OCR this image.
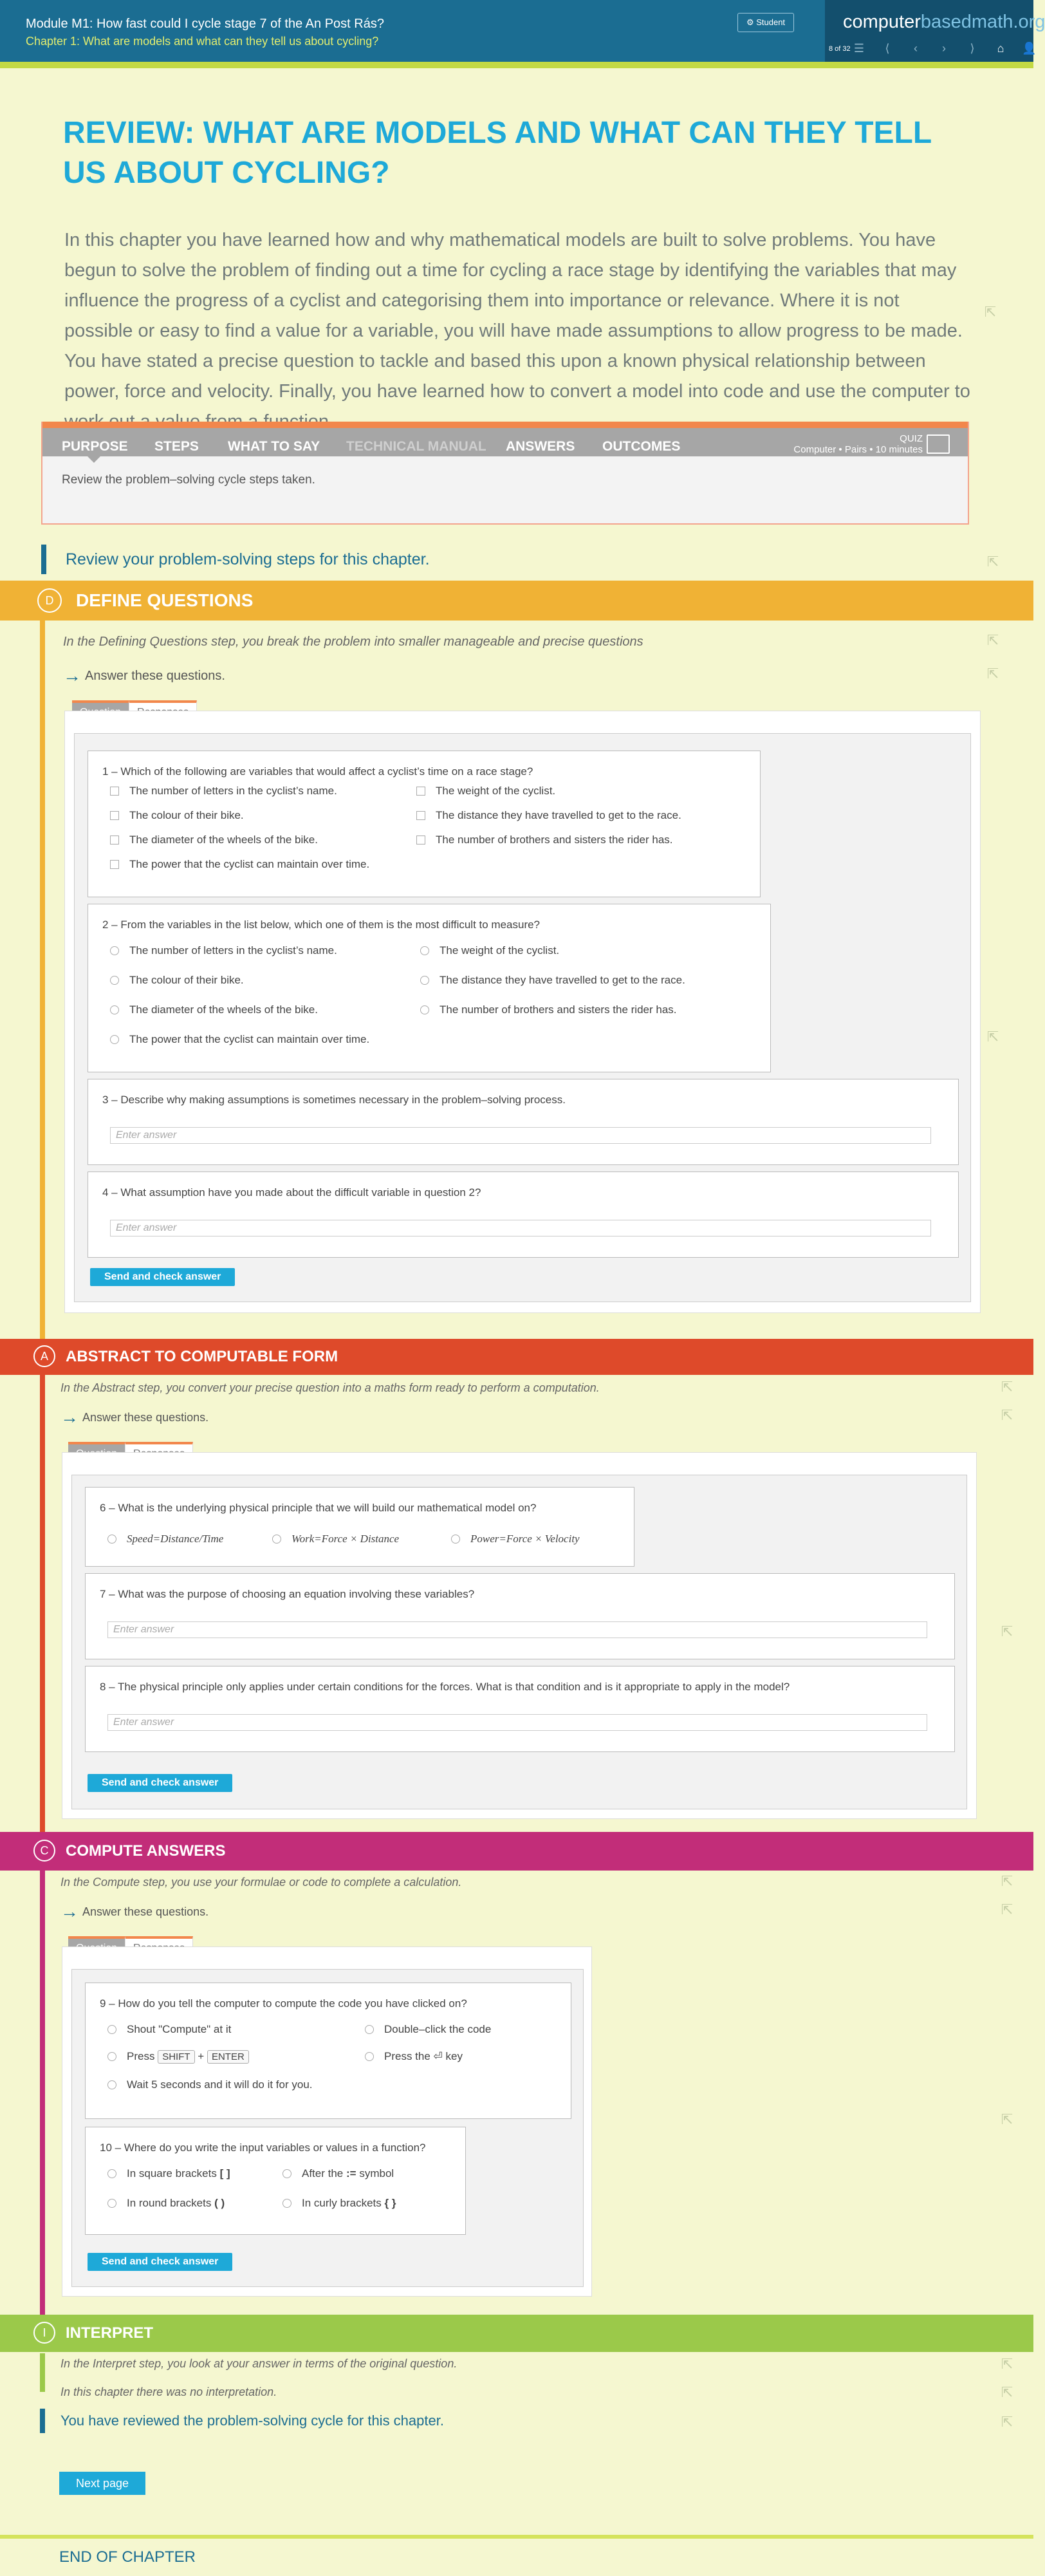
Module M1: How fast could I cycle stage 7 of the An Post Rás?
Chapter 1: What are models and what can they tell us about cycling?
⚙ Student	computerbasedmath.org
8 of 32 ☰	⟨	‹	›	⟩	⌂	👤
REVIEW: WHAT ARE MODELS AND WHAT CAN THEY TELL US ABOUT CYCLING?
In this chapter you have learned how and why mathematical models are built to solve problems. You have begun to solve the problem of finding out a time for cycling a race stage by identifying the variables that may influence the progress of a cyclist and categorising them into importance or relevance. Where it is not possible or easy to find a value for a variable, you will have made assumptions to allow progress to be made. You have stated a precise question to tackle and based this upon a known physical relationship between power, force and velocity. Finally, you have learned how to convert a model into code and use the computer to
⇱
PURPOSE STEPS WHAT TO SAY TECHNICAL MANUAL ANSWERS OUTCOMES
QUIZ
Computer • Pairs • 10 minutes
Review the problem–solving cycle steps taken.
Review your problem-solving steps for this chapter.	⇱
D	DEFINE QUESTIONS
In the Defining Questions step, you break the problem into smaller manageable and precise questions	⇱
→ Answer these questions.	⇱
⇱
1 – Which of the following are variables that would affect a cyclist’s time on a race stage?
The number of letters in the cyclist’s name.	The weight of the cyclist.
The colour of their bike.	The distance they have travelled to get to the race.
The diameter of the wheels of the bike.	The number of brothers and sisters the rider has.
The power that the cyclist can maintain over time.
2 – From the variables in the list below, which one of them is the most difficult to measure?
The number of letters in the cyclist’s name.	The weight of the cyclist.
The colour of their bike.	The distance they have travelled to get to the race.
The diameter of the wheels of the bike.	The number of brothers and sisters the rider has.
The power that the cyclist can maintain over time.
3 – Describe why making assumptions is sometimes necessary in the problem–solving process.
Enter answer
4 – What assumption have you made about the difficult variable in question 2?
Enter answer
Send and check answer
A	ABSTRACT TO COMPUTABLE FORM
In the Abstract step, you convert your precise question into a maths form ready to perform a computation.	⇱
→ Answer these questions.	⇱
⇱
6 – What is the underlying physical principle that we will build our mathematical model on?
Speed=Distance/Time	Work=Force × Distance	Power=Force × Velocity
7 – What was the purpose of choosing an equation involving these variables?
Enter answer
8 – The physical principle only applies under certain conditions for the forces. What is that condition and is it appropriate to apply in the model?
Enter answer
Send and check answer
C	COMPUTE ANSWERS
In the Compute step, you use your formulae or code to complete a calculation.	⇱
→ Answer these questions.	⇱
⇱
9 – How do you tell the computer to compute the code you have clicked on?
Shout "Compute" at it	Double–click the code
Press SHIFT + ENTER	Press the ⏎ key
Wait 5 seconds and it will do it for you.
10 – Where do you write the input variables or values in a function?
In square brackets [ ]	After the := symbol
In round brackets ( )	In curly brackets { }
Send and check answer
I	INTERPRET
In the Interpret step, you look at your answer in terms of the original question.	⇱
In this chapter there was no interpretation.	⇱
You have reviewed the problem-solving cycle for this chapter.	⇱
Next page
END OF CHAPTER
